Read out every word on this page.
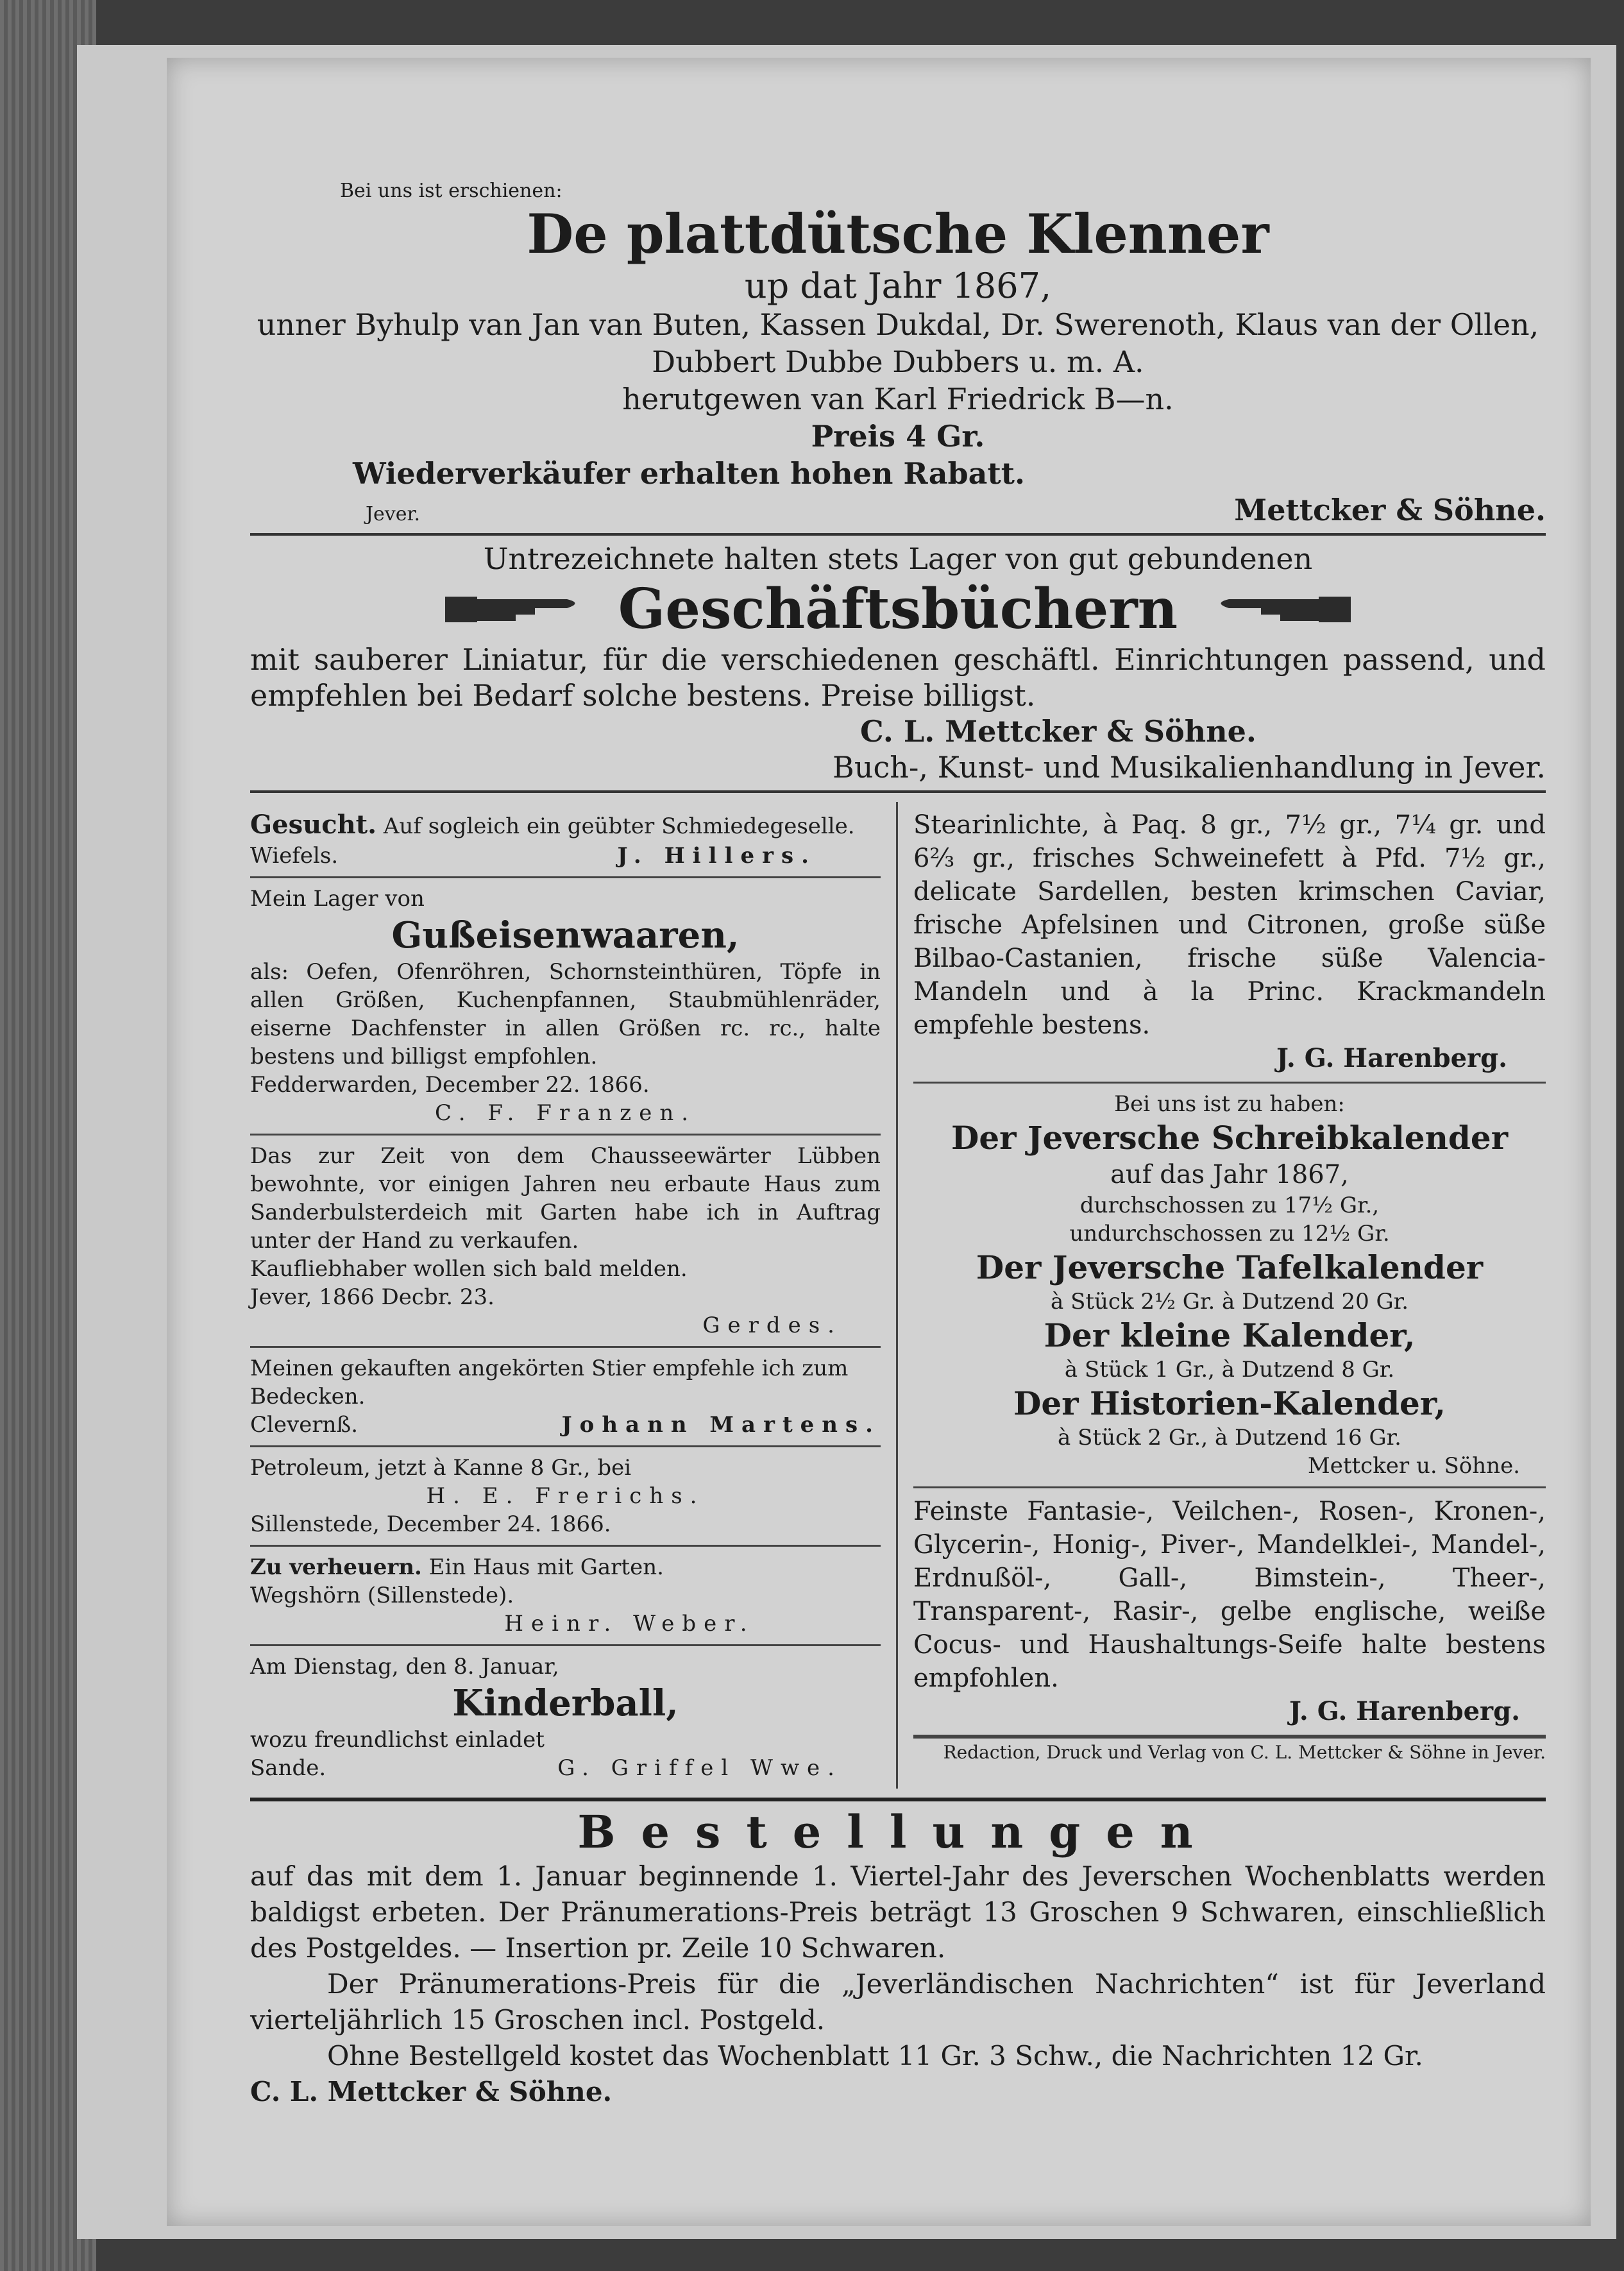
Bei uns ist erschienen:
De plattdütsche Klenner
up dat Jahr 1867,
unner Byhulp van Jan van Buten, Kassen Dukdal, Dr. Swerenoth, Klaus van der Ollen,
Dubbert Dubbe Dubbers u. m. A.
herutgewen van Karl Friedrick B—n.
Preis 4 Gr.
Wiederverkäufer erhalten hohen Rabatt.
Jever.	Mettcker & Söhne.
Untrezeichnete halten stets Lager von gut gebundenen
Geschäftsbüchern
mit sauberer Liniatur, für die verschiedenen geschäftl. Einrichtungen passend, und empfehlen bei Bedarf solche bestens. Preise billigst.
C. L. Mettcker & Söhne.
Buch-, Kunst- und Musikalienhandlung in Jever.
Gesucht. Auf sogleich ein geübter Schmiedegeselle.
Wiefels.	J. Hillers.
Mein Lager von
Gußeisenwaaren,
als: Oefen, Ofenröhren, Schornsteinthüren, Töpfe in allen Größen, Kuchenpfannen, Staubmühlenräder, eiserne Dachfenster in allen Größen rc. rc., halte bestens und billigst empfohlen.
Fedderwarden, December 22. 1866.
C. F. Franzen.
Das zur Zeit von dem Chausseewärter Lübben bewohnte, vor einigen Jahren neu erbaute Haus zum Sanderbulsterdeich mit Garten habe ich in Auftrag unter der Hand zu verkaufen.
Kaufliebhaber wollen sich bald melden.
Jever, 1866 Decbr. 23.
Gerdes.
Meinen gekauften angekörten Stier empfehle ich zum Bedecken.
Clevernß.	Johann Martens.
Petroleum, jetzt à Kanne 8 Gr., bei
H. E. Frerichs.
Sillenstede, December 24. 1866.
Zu verheuern. Ein Haus mit Garten.
Wegshörn (Sillenstede).
Heinr. Weber.
Am Dienstag, den 8. Januar,
Kinderball,
wozu freundlichst einladet
Sande.	G. Griffel Wwe.
Stearinlichte, à Paq. 8 gr., 7½ gr., 7¼ gr. und 6⅔ gr., frisches Schweinefett à Pfd. 7½ gr., delicate Sardellen, besten krimschen Caviar, frische Apfelsinen und Citronen, große süße Bilbao-Castanien, frische süße Valencia-Mandeln und à la Princ. Krackmandeln empfehle bestens.
J. G. Harenberg.
Bei uns ist zu haben:
Der Jeversche Schreibkalender
auf das Jahr 1867,
durchschossen zu 17½ Gr.,
undurchschossen zu 12½ Gr.
Der Jeversche Tafelkalender
à Stück 2½ Gr. à Dutzend 20 Gr.
Der kleine Kalender,
à Stück 1 Gr., à Dutzend 8 Gr.
Der Historien-Kalender,
à Stück 2 Gr., à Dutzend 16 Gr.
Mettcker u. Söhne.
Feinste Fantasie-, Veilchen-, Rosen-, Kronen-, Glycerin-, Honig-, Piver-, Mandelklei-, Mandel-, Erdnußöl-, Gall-, Bimstein-, Theer-, Transparent-, Rasir-, gelbe englische, weiße Cocus- und Haushaltungs-Seife halte bestens empfohlen.
J. G. Harenberg.
Redaction, Druck und Verlag von C. L. Mettcker & Söhne in Jever.
Bestellungen

auf das mit dem 1. Januar beginnende 1. Viertel-Jahr des Jeverschen Wochenblatts werden baldigst erbeten. Der Pränumerations-Preis beträgt 13 Groschen 9 Schwaren, einschließlich des Postgeldes. — Insertion pr. Zeile 10 Schwaren.

Der Pränumerations-Preis für die „Jeverländischen Nachrichten“ ist für Jeverland vierteljährlich 15 Groschen incl. Postgeld.

Ohne Bestellgeld kostet das Wochenblatt 11 Gr. 3 Schw., die Nachrichten 12 Gr.

C. L. Mettcker & Söhne.
